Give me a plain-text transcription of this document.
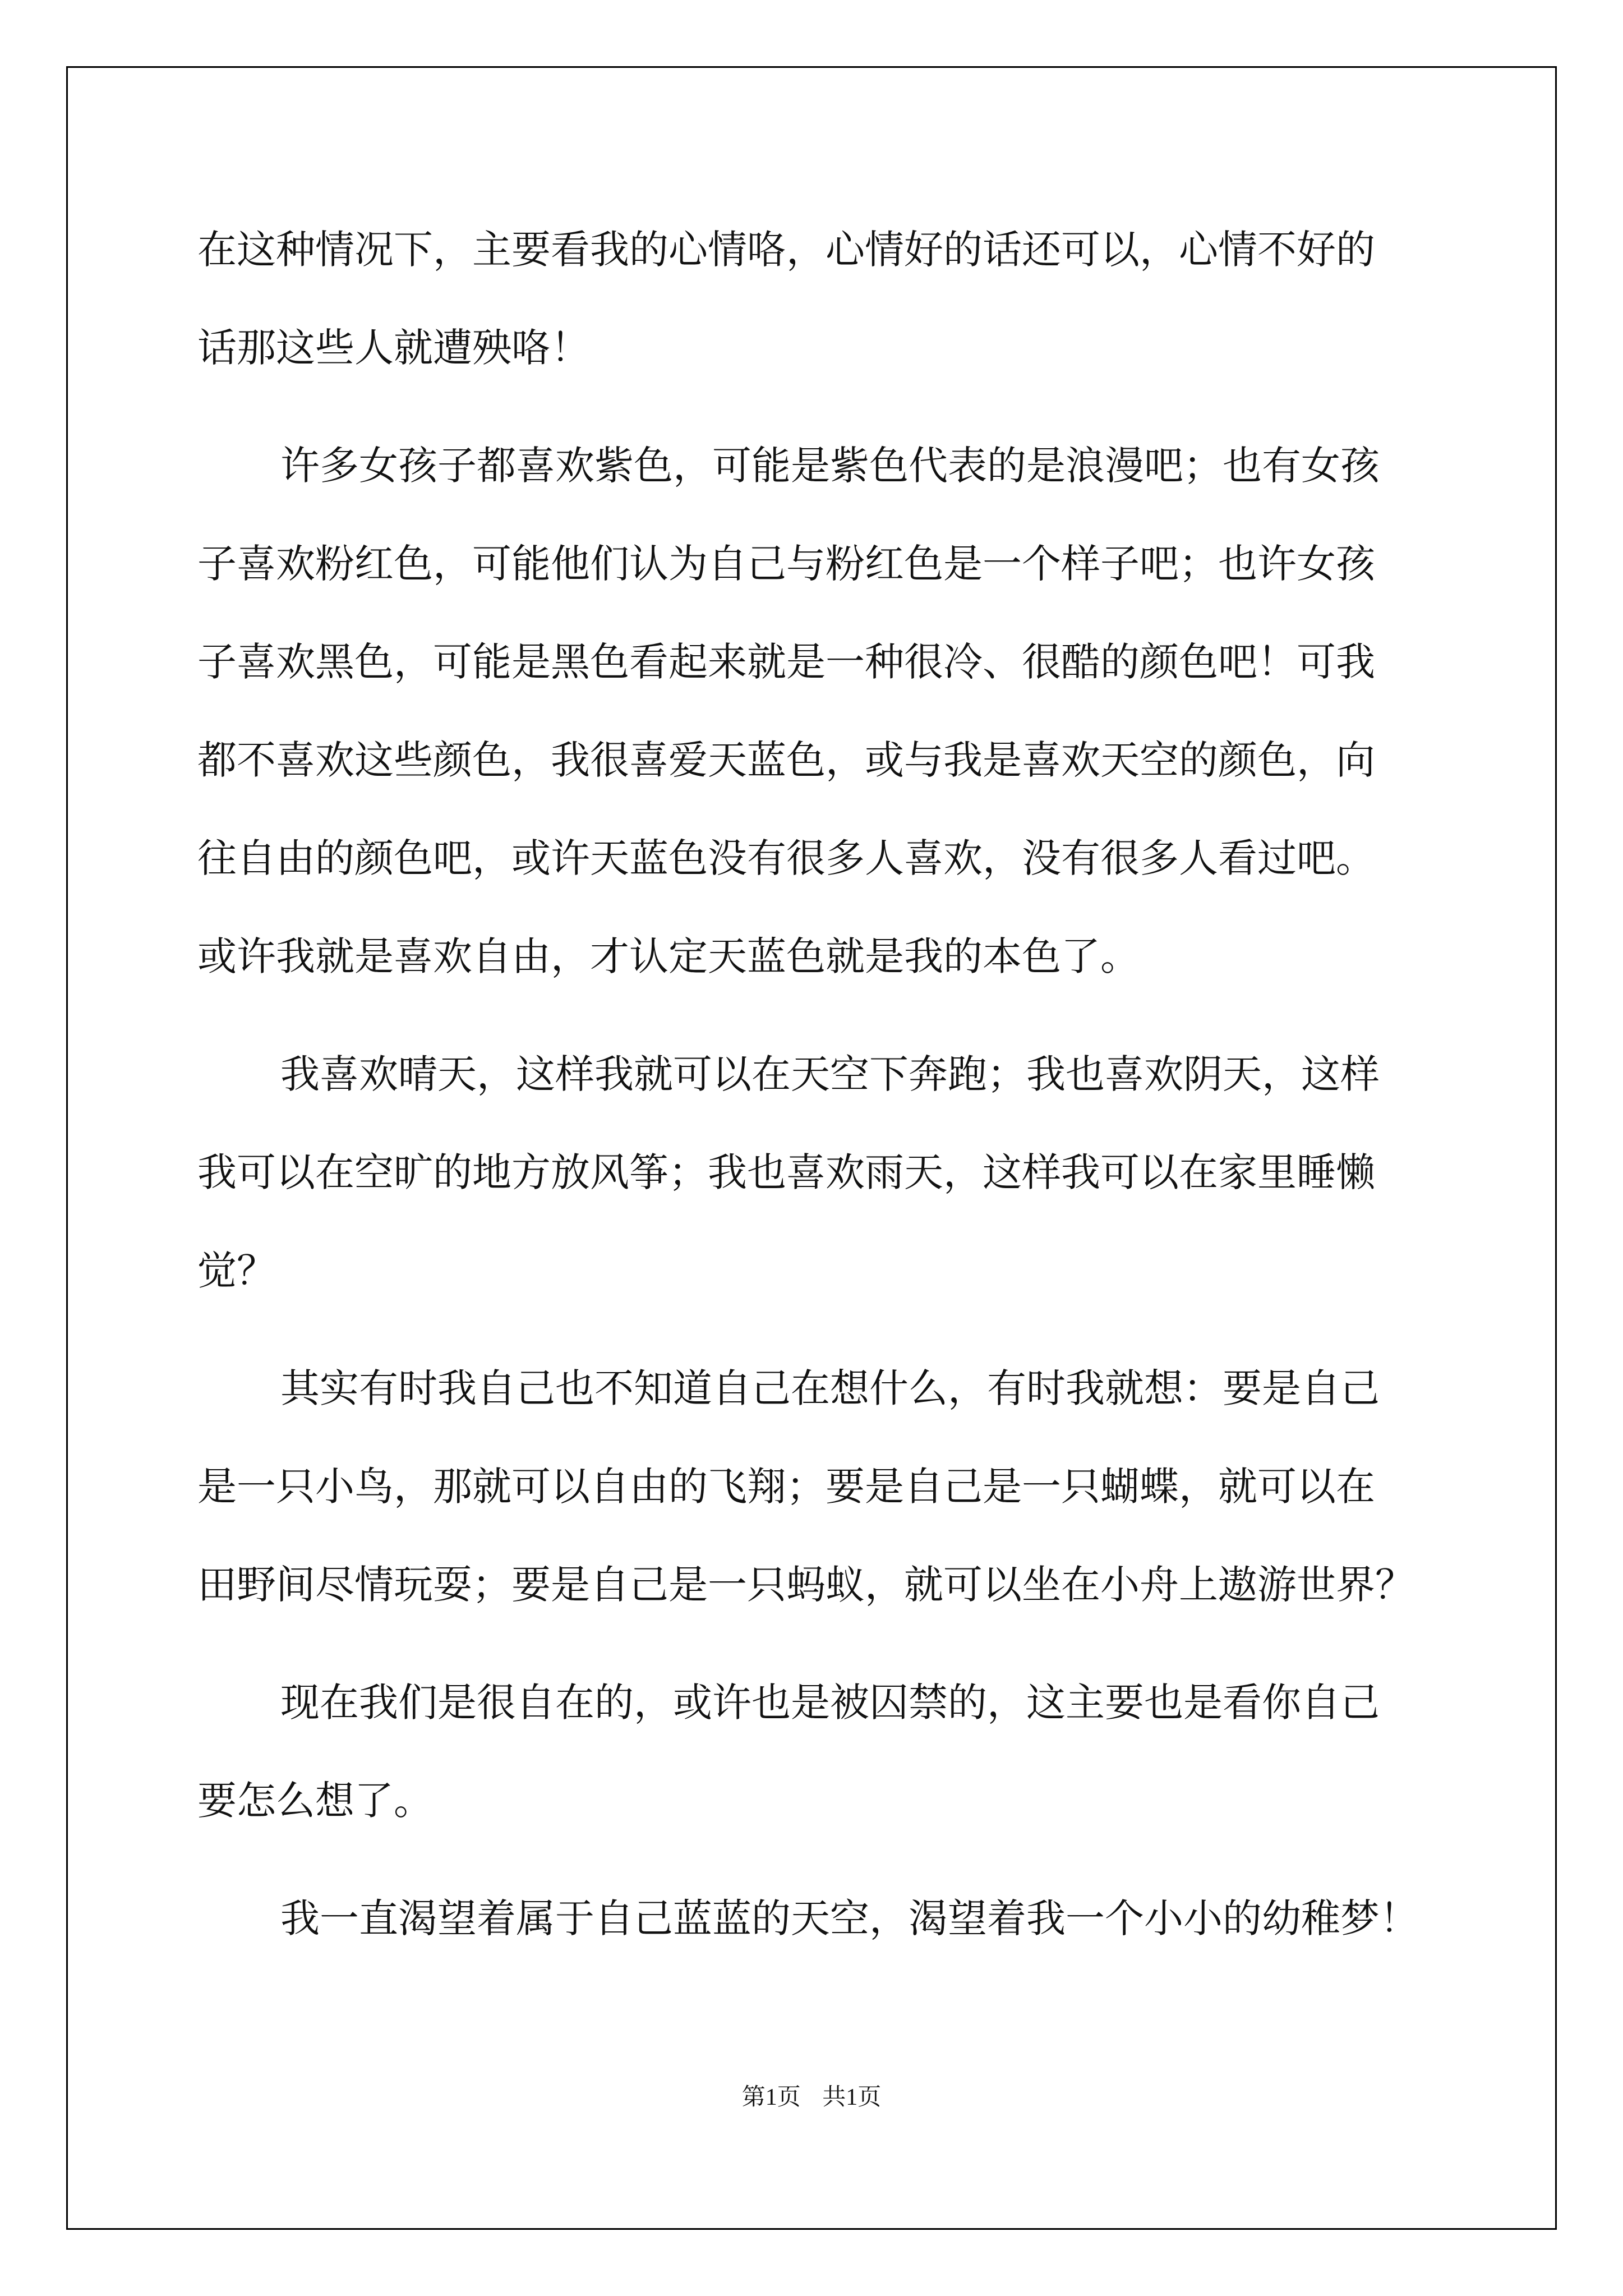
在这种情况下，主要看我的心情咯，心情好的话还可以，心情不好的

话那这些人就遭殃咯！

许多女孩子都喜欢紫色，可能是紫色代表的是浪漫吧；也有女孩

子喜欢粉红色，可能他们认为自己与粉红色是一个样子吧；也许女孩

子喜欢黑色，可能是黑色看起来就是一种很冷、很酷的颜色吧！可我

都不喜欢这些颜色，我很喜爱天蓝色，或与我是喜欢天空的颜色，向

往自由的颜色吧，或许天蓝色没有很多人喜欢，没有很多人看过吧。

或许我就是喜欢自由，才认定天蓝色就是我的本色了。

我喜欢晴天，这样我就可以在天空下奔跑；我也喜欢阴天，这样

我可以在空旷的地方放风筝；我也喜欢雨天，这样我可以在家里睡懒

觉？

其实有时我自己也不知道自己在想什么，有时我就想：要是自己

是一只小鸟，那就可以自由的飞翔；要是自己是一只蝴蝶，就可以在

田野间尽情玩耍；要是自己是一只蚂蚁，就可以坐在小舟上遨游世界？

现在我们是很自在的，或许也是被囚禁的，这主要也是看你自己

要怎么想了。

我一直渴望着属于自己蓝蓝的天空，渴望着我一个小小的幼稚梦！

第1页 共1页
